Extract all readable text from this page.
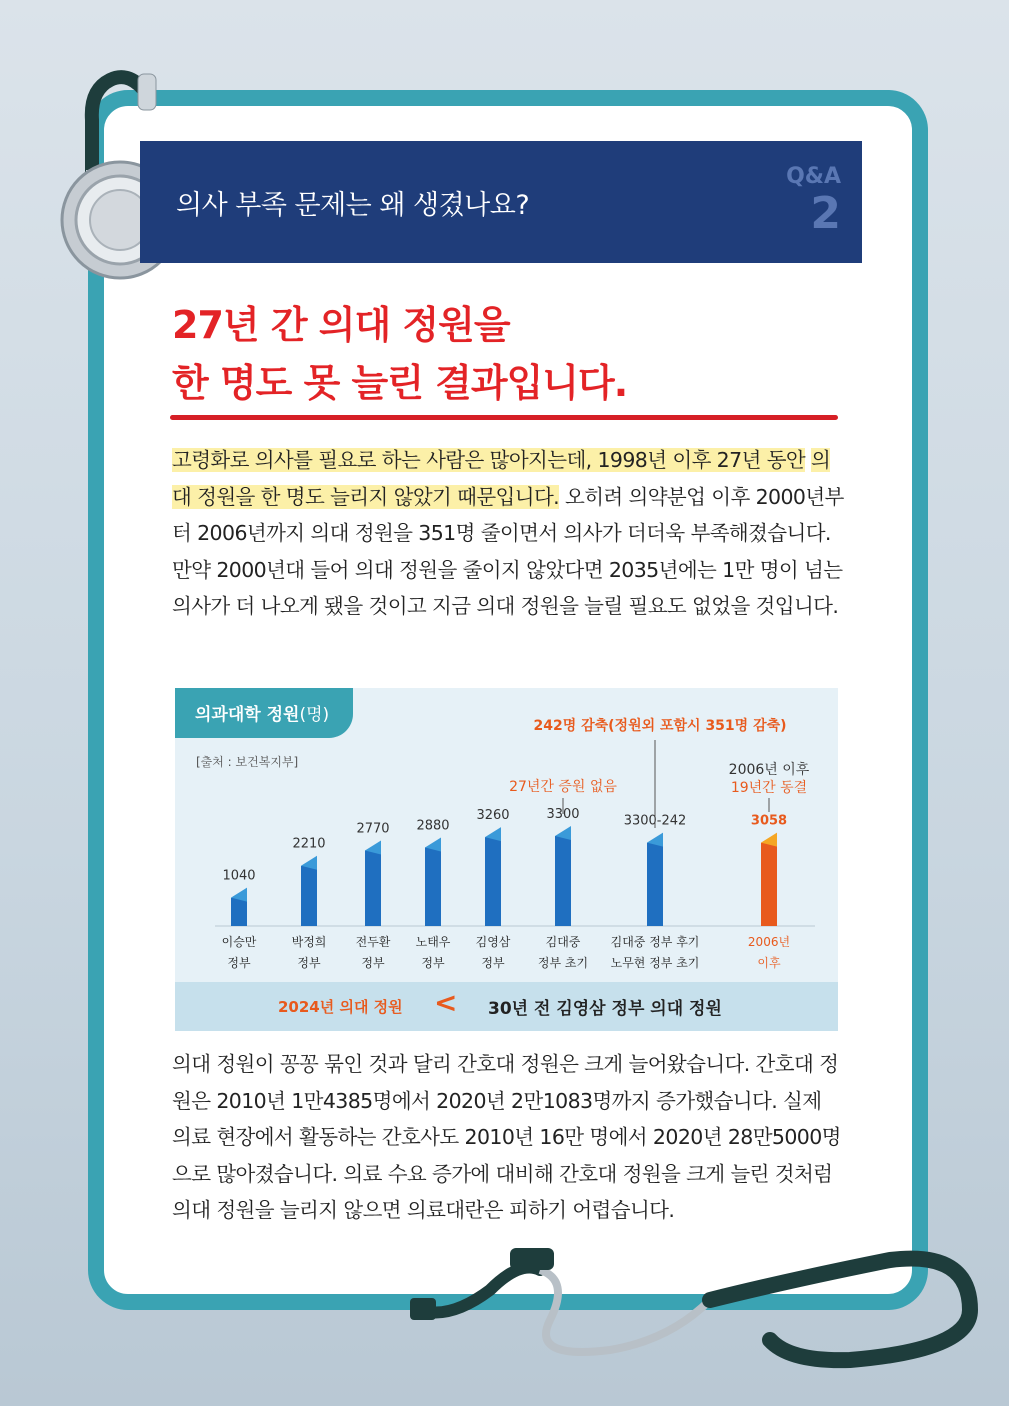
의사 부족 문제는 왜 생겼나요?
Q&A
2
27년 간 의대 정원을
한 명도 못 늘린 결과입니다.
고령화로 의사를 필요로 하는 사람은 많아지는데, 1998년 이후 27년 동안 의대 정원을 한 명도 늘리지 않았기 때문입니다. 오히려 의약분업 이후 2000년부터 2006년까지 의대 정원을 351명 줄이면서 의사가 더더욱 부족해졌습니다. 만약 2000년대 들어 의대 정원을 줄이지 않았다면 2035년에는 1만 명이 넘는 의사가 더 나오게 됐을 것이고 지금 의대 정원을 늘릴 필요도 없었을 것입니다.
의과대학 정원(명)
[출처 : 보건복지부]
1040
이승만
정부
2210
박정희
정부
2770
전두환
정부
2880
노태우
정부
3260
김영삼
정부
3300
김대중
정부 초기
3300-242
김대중 정부 후기
노무현 정부 초기
3058
2006년
이후
242명 감축(정원외 포함시 351명 감축)
27년간 증원 없음
2006년 이후
19년간 동결
2024년 의대 정원 < 30년 전 김영삼 정부 의대 정원
의대 정원이 꽁꽁 묶인 것과 달리 간호대 정원은 크게 늘어왔습니다. 간호대 정원은 2010년 1만4385명에서 2020년 2만1083명까지 증가했습니다. 실제 의료 현장에서 활동하는 간호사도 2010년 16만 명에서 2020년 28만5000명으로 많아졌습니다. 의료 수요 증가에 대비해 간호대 정원을 크게 늘린 것처럼 의대 정원을 늘리지 않으면 의료대란은 피하기 어렵습니다.
